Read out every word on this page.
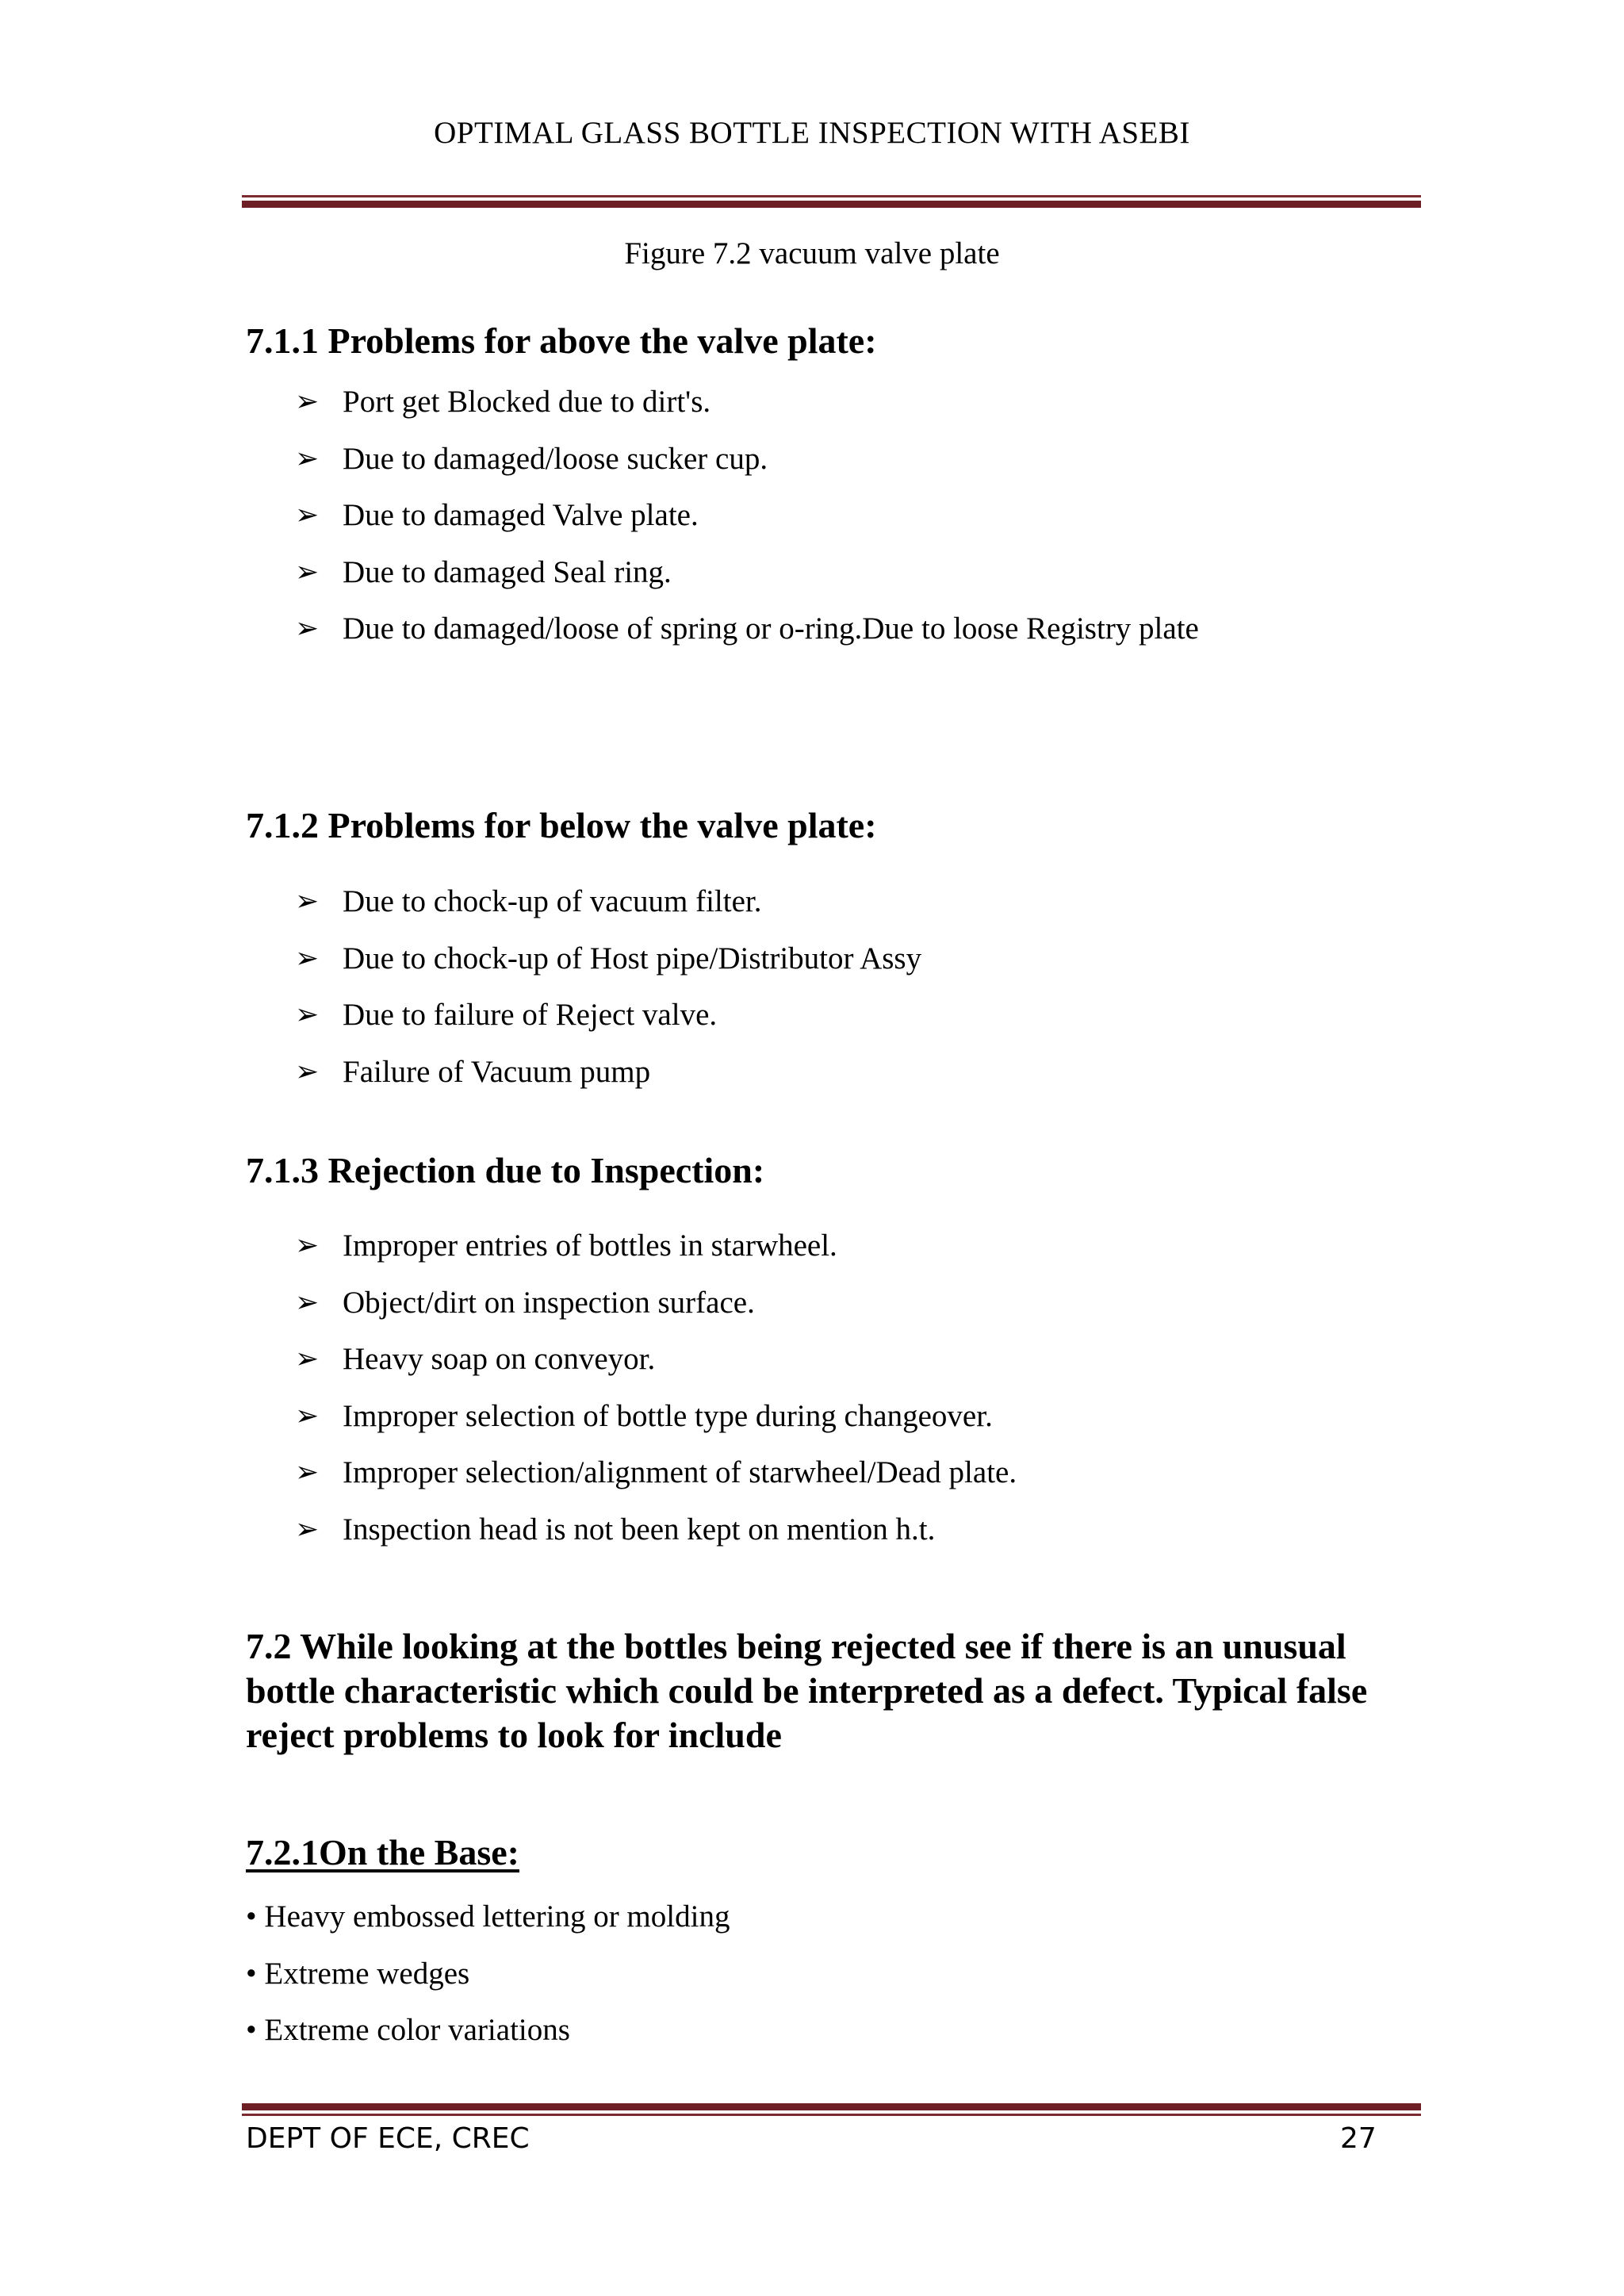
OPTIMAL GLASS BOTTLE INSPECTION WITH ASEBI
Figure 7.2 vacuum valve plate
7.1.1 Problems for above the valve plate:
➢ Port get Blocked due to dirt's.
➢ Due to damaged/loose sucker cup.
➢ Due to damaged Valve plate.
➢ Due to damaged Seal ring.
➢ Due to damaged/loose of spring or o-ring.Due to loose Registry plate
7.1.2 Problems for below the valve plate:
➢ Due to chock-up of vacuum filter.
➢ Due to chock-up of Host pipe/Distributor Assy
➢ Due to failure of Reject valve.
➢ Failure of Vacuum pump
7.1.3 Rejection due to Inspection:
➢ Improper entries of bottles in starwheel.
➢ Object/dirt on inspection surface.
➢ Heavy soap on conveyor.
➢ Improper selection of bottle type during changeover.
➢ Improper selection/alignment of starwheel/Dead plate.
➢ Inspection head is not been kept on mention h.t.
7.2 While looking at the bottles being rejected see if there is an unusual bottle characteristic which could be interpreted as a defect. Typical false reject problems to look for include
7.2.1On the Base:
• Heavy embossed lettering or molding
• Extreme wedges
• Extreme color variations
DEPT OF ECE, CREC	27
